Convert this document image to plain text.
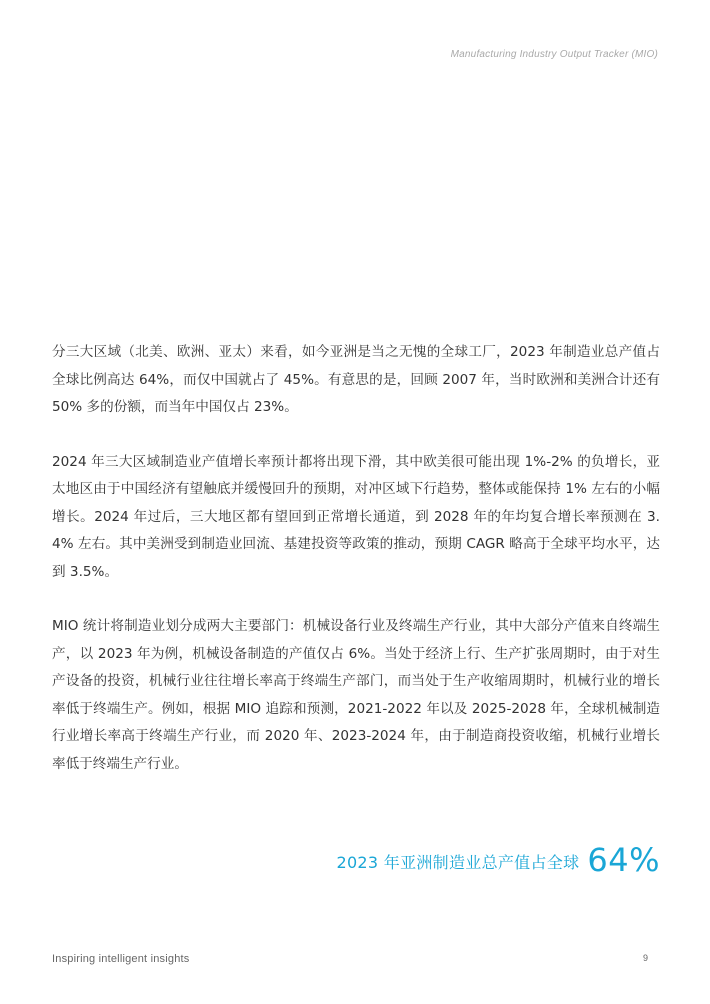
Manufacturing Industry Output Tracker (MIO)

分三大区域（北美、欧洲、亚太）来看，如今亚洲是当之无愧的全球工厂，2023 年制造业总产值占全球比例高达 64%，而仅中国就占了 45%。有意思的是，回顾 2007 年，当时欧洲和美洲合计还有 50% 多的份额，而当年中国仅占 23%。

2024 年三大区域制造业产值增长率预计都将出现下滑，其中欧美很可能出现 1%-2% 的负增长，亚太地区由于中国经济有望触底并缓慢回升的预期，对冲区域下行趋势，整体或能保持 1% 左右的小幅增长。2024 年过后，三大地区都有望回到正常增长通道，到 2028 年的年均复合增长率预测在 3.4% 左右。其中美洲受到制造业回流、基建投资等政策的推动，预期 CAGR 略高于全球平均水平，达到 3.5%。

MIO 统计将制造业划分成两大主要部门：机械设备行业及终端生产行业，其中大部分产值来自终端生产，以 2023 年为例，机械设备制造的产值仅占 6%。当处于经济上行、生产扩张周期时，由于对生产设备的投资，机械行业往往增长率高于终端生产部门，而当处于生产收缩周期时，机械行业的增长率低于终端生产。例如，根据 MIO 追踪和预测，2021-2022 年以及 2025-2028 年，全球机械制造行业增长率高于终端生产行业，而 2020 年、2023-2024 年，由于制造商投资收缩，机械行业增长率低于终端生产行业。

2023 年亚洲制造业总产值占全球 64%
Inspiring intelligent insights	9
